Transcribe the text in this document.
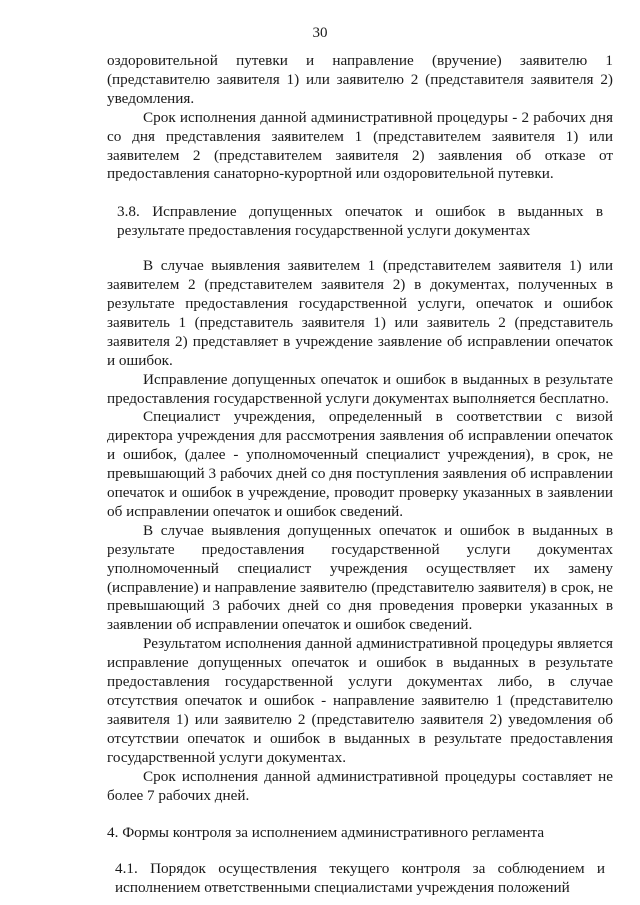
30

оздоровительной путевки и направление (вручение) заявителю 1 (представителю заявителя 1) или заявителю 2 (представителя заявителя 2) уведомления.

Срок исполнения данной административной процедуры - 2 рабочих дня со дня представления заявителем 1 (представителем заявителя 1) или заявителем 2 (представителем заявителя 2) заявления об отказе от предоставления санаторно-курортной или оздоровительной путевки.

3.8. Исправление допущенных опечаток и ошибок в выданных в результате предоставления государственной услуги документах

В случае выявления заявителем 1 (представителем заявителя 1) или заявителем 2 (представителем заявителя 2) в документах, полученных в результате предоставления государственной услуги, опечаток и ошибок заявитель 1 (представитель заявителя 1) или заявитель 2 (представитель заявителя 2) представляет в учреждение заявление об исправлении опечаток и ошибок.

Исправление допущенных опечаток и ошибок в выданных в результате предоставления государственной услуги документах выполняется бесплатно.

Специалист учреждения, определенный в соответствии с визой директора учреждения для рассмотрения заявления об исправлении опечаток и ошибок, (далее - уполномоченный специалист учреждения), в срок, не превышающий 3 рабочих дней со дня поступления заявления об исправлении опечаток и ошибок в учреждение, проводит проверку указанных в заявлении об исправлении опечаток и ошибок сведений.

В случае выявления допущенных опечаток и ошибок в выданных в результате предоставления государственной услуги документах уполномоченный специалист учреждения осуществляет их замену (исправление) и направление заявителю (представителю заявителя) в срок, не превышающий 3 рабочих дней со дня проведения проверки указанных в заявлении об исправлении опечаток и ошибок сведений.

Результатом исполнения данной административной процедуры является исправление допущенных опечаток и ошибок в выданных в результате предоставления государственной услуги документах либо, в случае отсутствия опечаток и ошибок - направление заявителю 1 (представителю заявителя 1) или заявителю 2 (представителю заявителя 2) уведомления об отсутствии опечаток и ошибок в выданных в результате предоставления государственной услуги документах.

Срок исполнения данной административной процедуры составляет не более 7 рабочих дней.

4. Формы контроля за исполнением административного регламента

4.1. Порядок осуществления текущего контроля за соблюдением и исполнением ответственными специалистами учреждения положений
